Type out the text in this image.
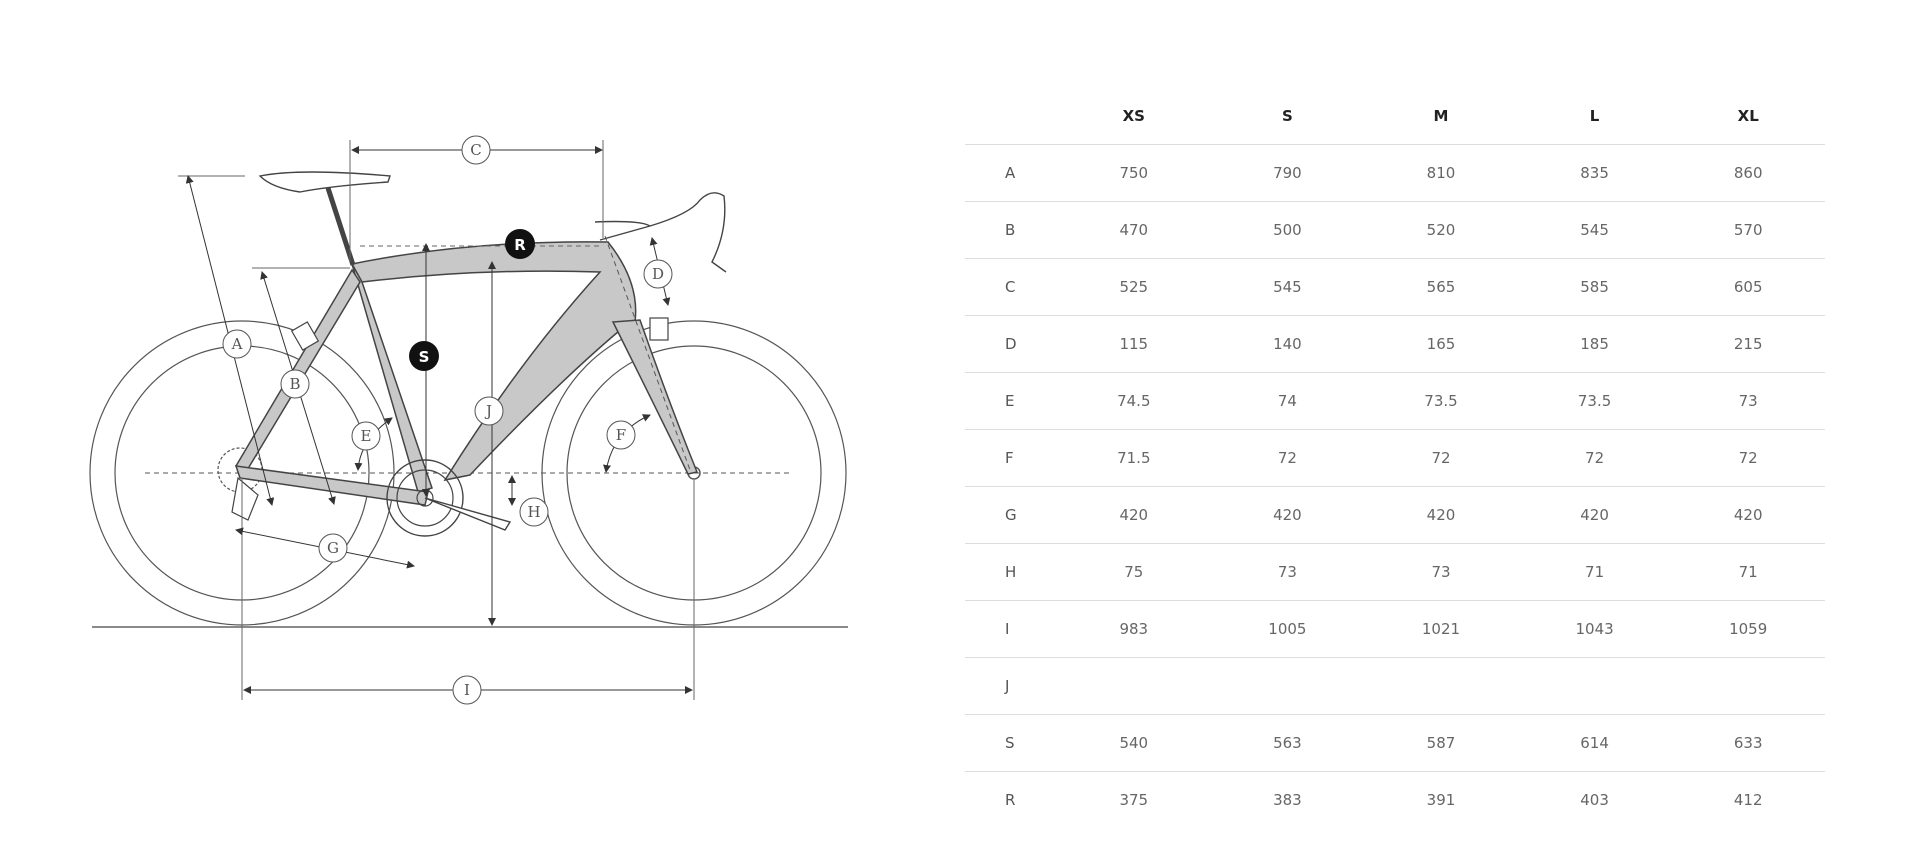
C
A
B
D
E	F
G
H
I
J
R
S
	XS	S	M	L	XL
A	750	790	810	835	860
B	470	500	520	545	570
C	525	545	565	585	605
D	115	140	165	185	215
E	74.5	74	73.5	73.5	73
F	71.5	72	72	72	72
G	420	420	420	420	420
H	75	73	73	71	71
I	983	1005	1021	1043	1059
J					
S	540	563	587	614	633
R	375	383	391	403	412
